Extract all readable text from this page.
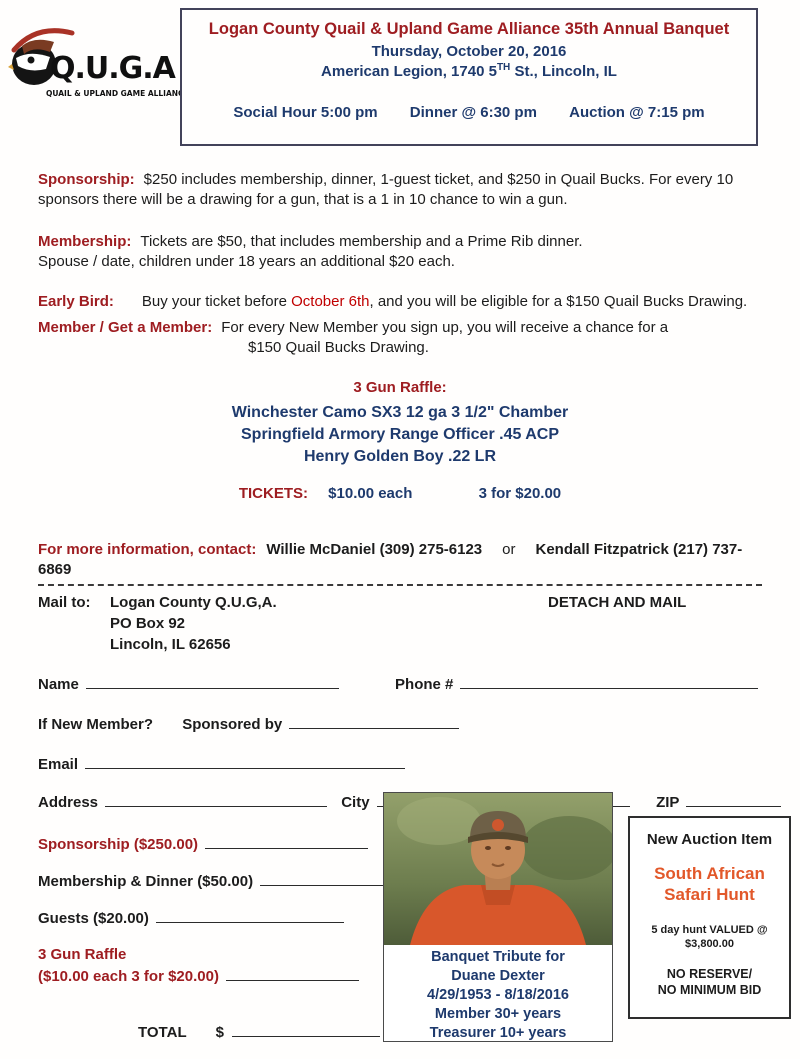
Q.U.G.A
QUAIL & UPLAND GAME ALLIANCE
Logan County Quail & Upland Game Alliance 35th Annual Banquet
Thursday, October 20, 2016
American Legion, 1740 5TH St., Lincoln, IL
Social Hour 5:00 pm Dinner @ 6:30 pm Auction @ 7:15 pm

Sponsorship: $250 includes membership, dinner, 1-guest ticket, and $250 in Quail Bucks. For every 10
sponsors there will be a drawing for a gun, that is a 1 in 10 chance to win a gun.

Membership: Tickets are $50, that includes membership and a Prime Rib dinner.
Spouse / date, children under 18 years an additional $20 each.

Early Bird: Buy your ticket before October 6th, and you will be eligible for a $150 Quail Bucks Drawing.

Member / Get a Member: For every New Member you sign up, you will receive a chance for a
$150 Quail Bucks Drawing.

3 Gun Raffle:
Winchester Camo SX3 12 ga 3 1/2" Chamber
Springfield Armory Range Officer .45 ACP
Henry Golden Boy .22 LR
TICKETS: $10.00 each	3 for $20.00
For more information, contact: Willie McDaniel (309) 275-6123 or Kendall Fitzpatrick (217) 737-6869
Mail to: Logan County Q.U.G,A.
PO Box 92
Lincoln, IL 62656
DETACH AND MAIL
Name	Phone #
If New Member? Sponsored by
Email
Address	City	ZIP
Sponsorship ($250.00)
Membership & Dinner ($50.00)
Guests ($20.00)
3 Gun Raffle
($10.00 each 3 for $20.00)
TOTAL $
Banquet Tribute for
Duane Dexter
4/29/1953 - 8/18/2016
Member 30+ years
Treasurer 10+ years
New Auction Item
South African
Safari Hunt
5 day hunt VALUED @
$3,800.00
NO RESERVE/
NO MINIMUM BID
